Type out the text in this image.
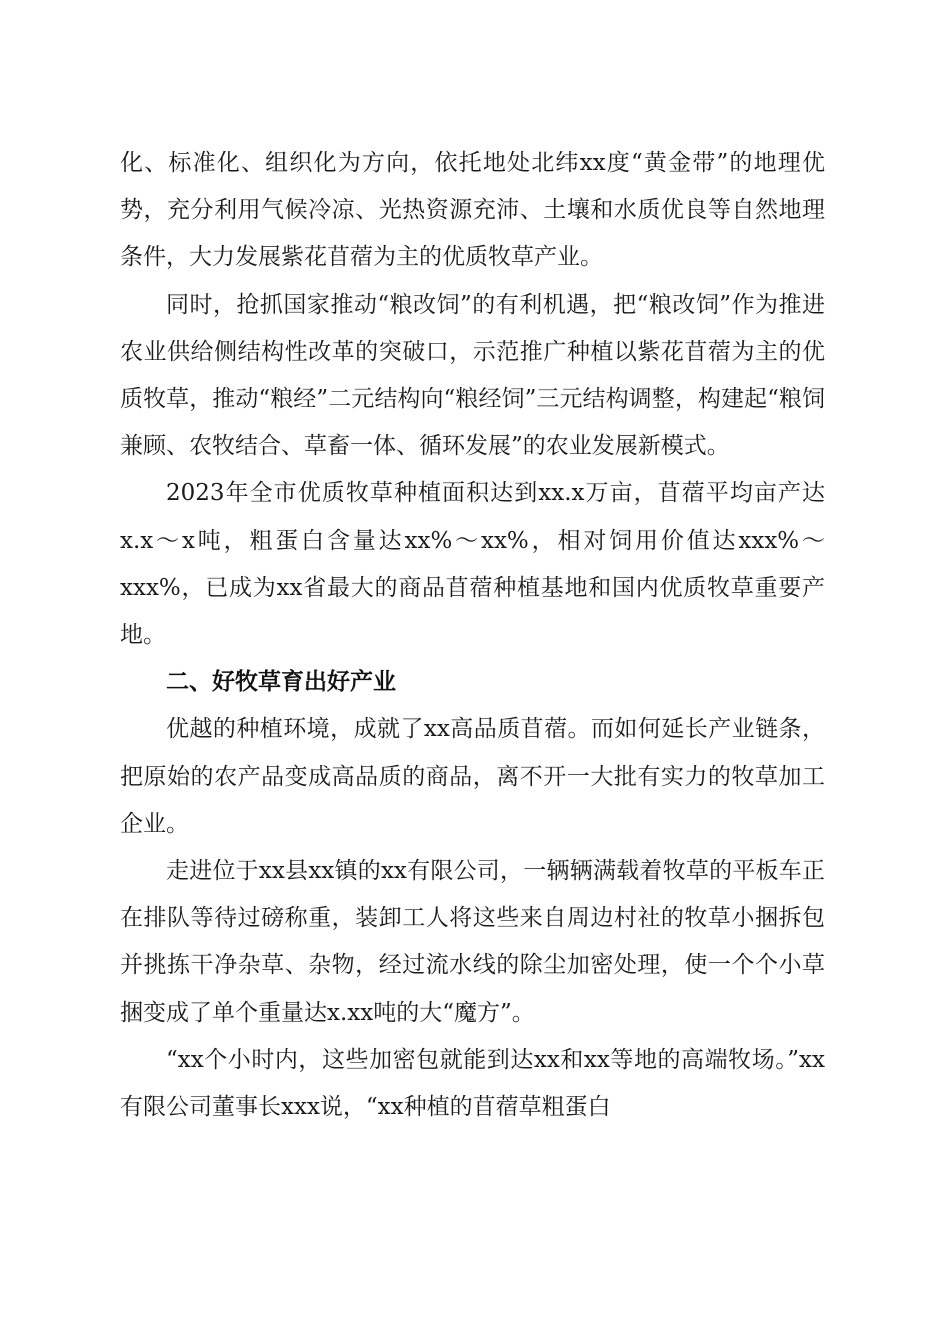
化、标准化、组织化为方向，依托地处北纬xx度“黄金带”的地理优势，充分利用气候冷凉、光热资源充沛、土壤和水质优良等自然地理条件，大力发展紫花苜蓿为主的优质牧草产业。

同时，抢抓国家推动“粮改饲”的有利机遇，把“粮改饲”作为推进农业供给侧结构性改革的突破口，示范推广种植以紫花苜蓿为主的优质牧草，推动“粮经”二元结构向“粮经饲”三元结构调整，构建起“粮饲兼顾、农牧结合、草畜一体、循环发展”的农业发展新模式。

2023年全市优质牧草种植面积达到xx.x万亩，苜蓿平均亩产达x.x～x吨，粗蛋白含量达xx%～xx%，相对饲用价值达xxx%～xxx%，已成为xx省最大的商品苜蓿种植基地和国内优质牧草重要产地。

二、好牧草育出好产业

优越的种植环境，成就了xx高品质苜蓿。而如何延长产业链条，把原始的农产品变成高品质的商品，离不开一大批有实力的牧草加工企业。

走进位于xx县xx镇的xx有限公司，一辆辆满载着牧草的平板车正在排队等待过磅称重，装卸工人将这些来自周边村社的牧草小捆拆包并挑拣干净杂草、杂物，经过流水线的除尘加密处理，使一个个小草捆变成了单个重量达x.xx吨的大“魔方”。

“xx个小时内，这些加密包就能到达xx和xx等地的高端牧场。”xx有限公司董事长xxx说，“xx种植的苜蓿草粗蛋白
